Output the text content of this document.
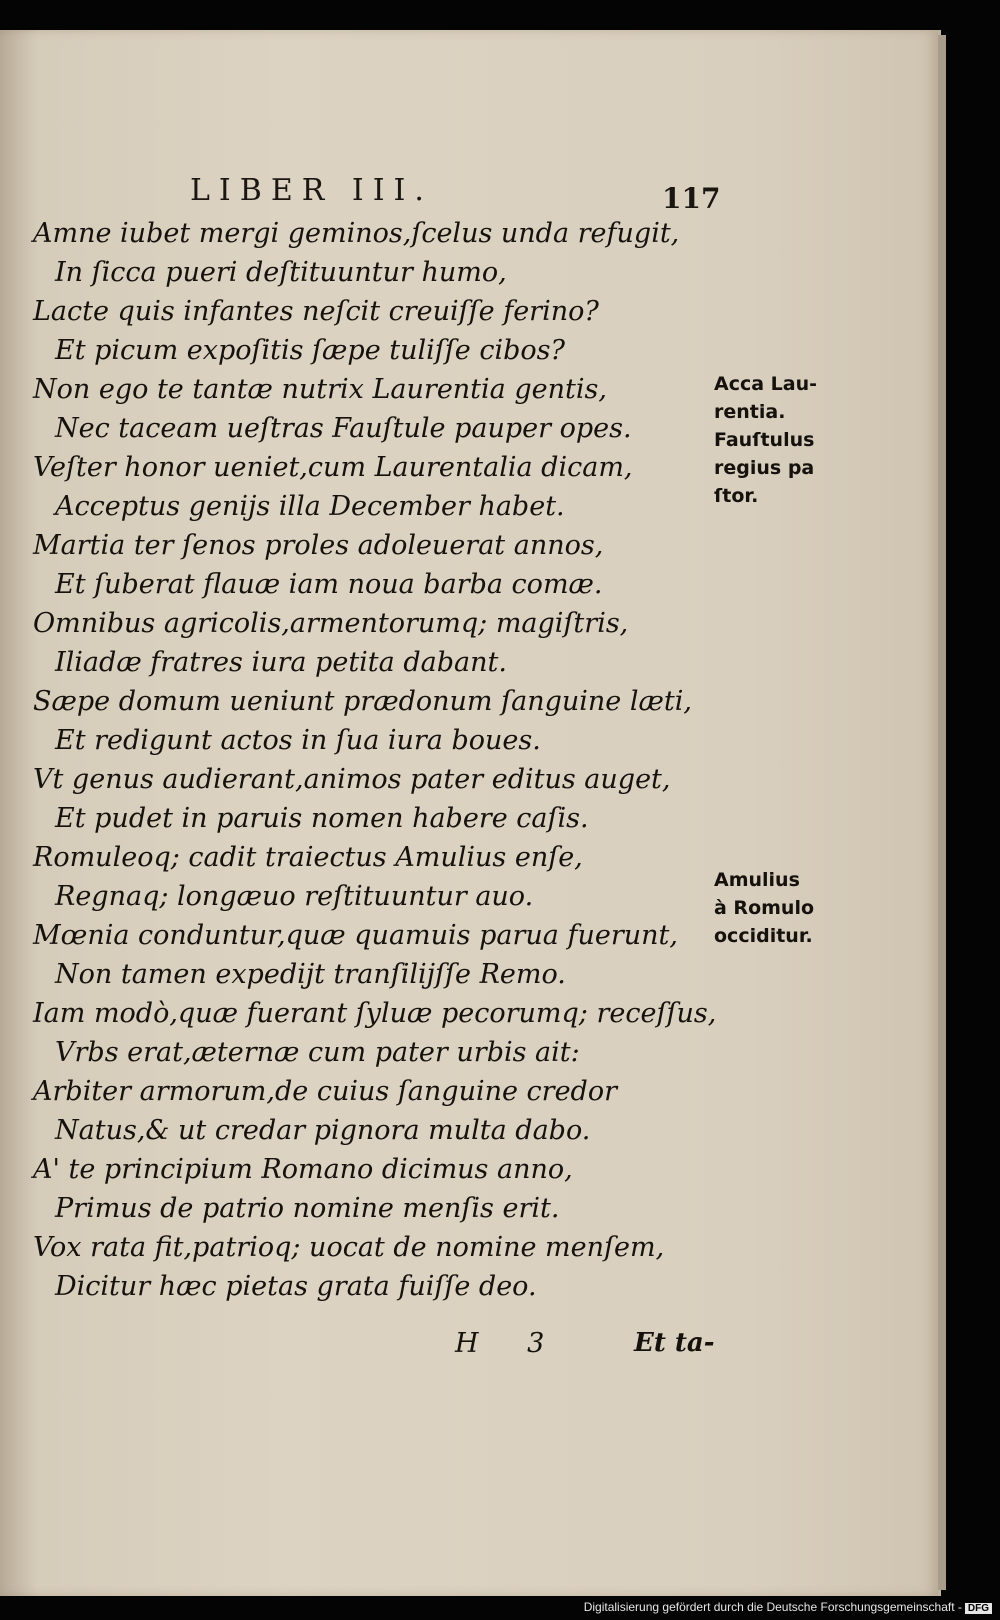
LIBER III.	117
Amne iubet mergi geminos,ſcelus unda refugit,
In ſicca pueri deſtituuntur humo,
Lacte quis infantes neſcit creuiſſe ferino?
Et picum expoſitis ſæpe tuliſſe cibos?
Non ego te tantæ nutrix Laurentia gentis,
Nec taceam ueſtras Fauſtule pauper opes.
Veſter honor ueniet,cum Laurentalia dicam,
Acceptus genijs illa December habet.
Martia ter ſenos proles adoleuerat annos,
Et ſuberat flauæ iam noua barba comæ.
Omnibus agricolis,armentorumq; magiſtris,
Iliadæ fratres iura petita dabant.
Sæpe domum ueniunt prædonum ſanguine læti,
Et redigunt actos in ſua iura boues.
Vt genus audierant,animos pater editus auget,
Et pudet in paruis nomen habere caſis.
Romuleoq; cadit traiectus Amulius enſe,
Regnaq; longæuo reſtituuntur auo.
Mœnia conduntur,quæ quamuis parua fuerunt,
Non tamen expedijt tranſilijſſe Remo.
Iam modò,quæ fuerant ſyluæ pecorumq; receſſus,
Vrbs erat,æternæ cum pater urbis ait:
Arbiter armorum,de cuius ſanguine credor
Natus,& ut credar pignora multa dabo.
A' te principium Romano dicimus anno,
Primus de patrio nomine menſis erit.
Vox rata fit,patrioq; uocat de nomine menſem,
Dicitur hæc pietas grata fuiſſe deo.
Acca Lau-
rentia.
Fauſtulus
regius pa
ſtor.
Amulius
à Romulo
occiditur.
H 3	Et ta-
Digitalisierung gefördert durch die Deutsche Forschungsgemeinschaft - DFG
